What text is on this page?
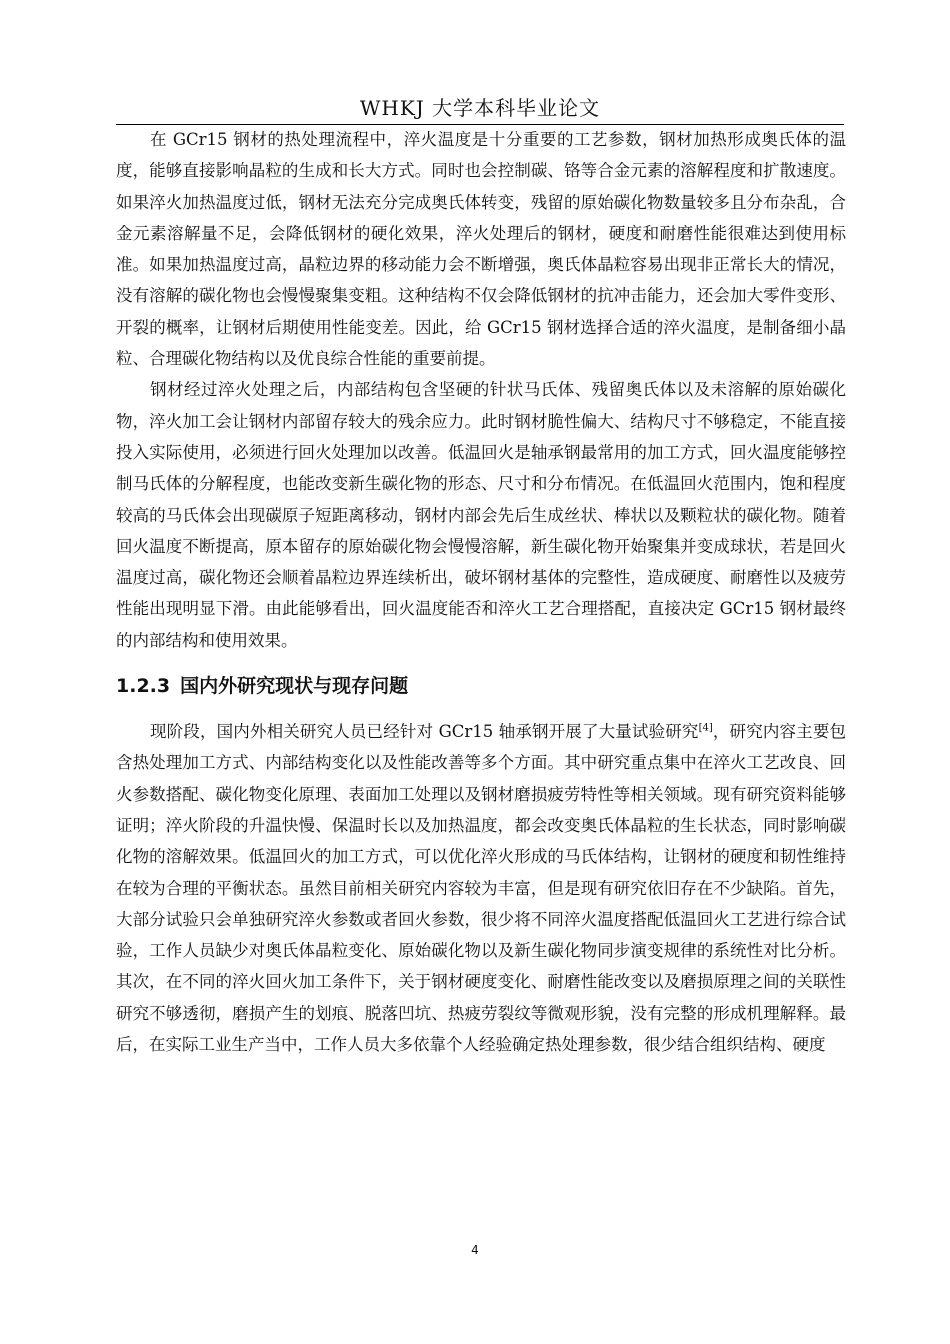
WHKJ 大学本科毕业论文

在 GCr15 钢材的热处理流程中，淬火温度是十分重要的工艺参数，钢材加热形成奥氏体的温度，能够直接影响晶粒的生成和长大方式。同时也会控制碳、铬等合金元素的溶解程度和扩散速度。如果淬火加热温度过低，钢材无法充分完成奥氏体转变，残留的原始碳化物数量较多且分布杂乱，合金元素溶解量不足，会降低钢材的硬化效果，淬火处理后的钢材，硬度和耐磨性能很难达到使用标准。如果加热温度过高，晶粒边界的移动能力会不断增强，奥氏体晶粒容易出现非正常长大的情况，没有溶解的碳化物也会慢慢聚集变粗。这种结构不仅会降低钢材的抗冲击能力，还会加大零件变形、开裂的概率，让钢材后期使用性能变差。因此，给 GCr15 钢材选择合适的淬火温度，是制备细小晶粒、合理碳化物结构以及优良综合性能的重要前提。

钢材经过淬火处理之后，内部结构包含坚硬的针状马氏体、残留奥氏体以及未溶解的原始碳化物，淬火加工会让钢材内部留存较大的残余应力。此时钢材脆性偏大、结构尺寸不够稳定，不能直接投入实际使用，必须进行回火处理加以改善。低温回火是轴承钢最常用的加工方式，回火温度能够控制马氏体的分解程度，也能改变新生碳化物的形态、尺寸和分布情况。在低温回火范围内，饱和程度较高的马氏体会出现碳原子短距离移动，钢材内部会先后生成丝状、棒状以及颗粒状的碳化物。随着回火温度不断提高，原本留存的原始碳化物会慢慢溶解，新生碳化物开始聚集并变成球状，若是回火温度过高，碳化物还会顺着晶粒边界连续析出，破坏钢材基体的完整性，造成硬度、耐磨性以及疲劳性能出现明显下滑。由此能够看出，回火温度能否和淬火工艺合理搭配，直接决定 GCr15 钢材最终的内部结构和使用效果。

1.2.3 国内外研究现状与现存问题

现阶段，国内外相关研究人员已经针对 GCr15 轴承钢开展了大量试验研究[4]，研究内容主要包含热处理加工方式、内部结构变化以及性能改善等多个方面。其中研究重点集中在淬火工艺改良、回火参数搭配、碳化物变化原理、表面加工处理以及钢材磨损疲劳特性等相关领域。现有研究资料能够证明；淬火阶段的升温快慢、保温时长以及加热温度，都会改变奥氏体晶粒的生长状态，同时影响碳化物的溶解效果。低温回火的加工方式，可以优化淬火形成的马氏体结构，让钢材的硬度和韧性维持在较为合理的平衡状态。虽然目前相关研究内容较为丰富，但是现有研究依旧存在不少缺陷。首先，大部分试验只会单独研究淬火参数或者回火参数，很少将不同淬火温度搭配低温回火工艺进行综合试验，工作人员缺少对奥氏体晶粒变化、原始碳化物以及新生碳化物同步演变规律的系统性对比分析。其次，在不同的淬火回火加工条件下，关于钢材硬度变化、耐磨性能改变以及磨损原理之间的关联性研究不够透彻，磨损产生的划痕、脱落凹坑、热疲劳裂纹等微观形貌，没有完整的形成机理解释。最后，在实际工业生产当中，工作人员大多依靠个人经验确定热处理参数，很少结合组织结构、硬度

4
